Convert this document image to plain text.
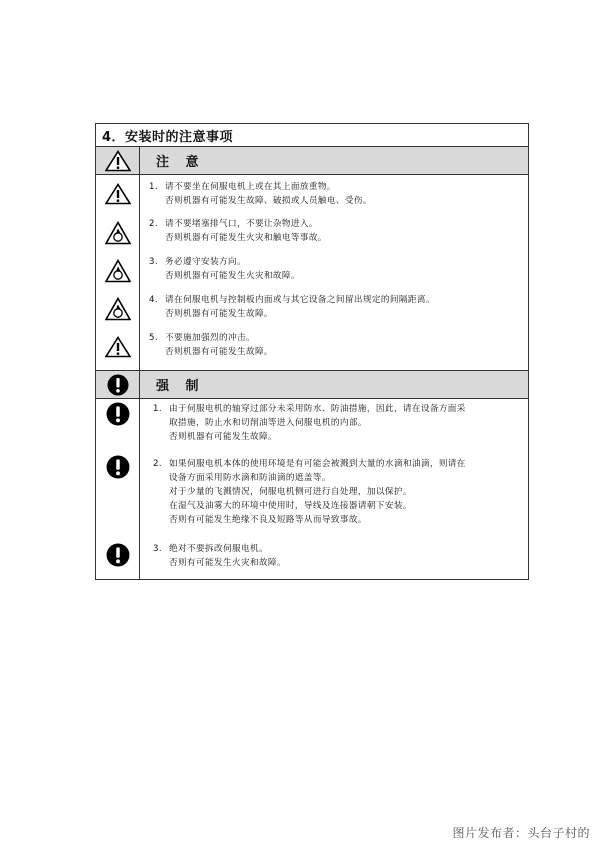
4．安装时的注意事项
注 意
1. 请不要坐在伺服电机上或在其上面放重物。
否则机器有可能发生故障、破损或人员触电、受伤。
2. 请不要堵塞排气口，不要让杂物进入。
否则机器有可能发生火灾和触电等事故。
3. 务必遵守安装方向。
否则机器有可能发生火灾和故障。
4. 请在伺服电机与控制板内面或与其它设备之间留出规定的间隔距离。
否则机器有可能发生故障。
5. 不要施加强烈的冲击。
否则机器有可能发生故障。
强 制
1. 由于伺服电机的轴穿过部分未采用防水、防油措施，因此，请在设备方面采
取措施，防止水和切削油等进入伺服电机的内部。
否则机器有可能发生故障。
2. 如果伺服电机本体的使用环境是有可能会被溅到大量的水滴和油滴，则请在
设备方面采用防水滴和防油滴的遮盖等。
对于少量的飞溅情况，伺服电机侧可进行自处理，加以保护。
在湿气及油雾大的环境中使用时，导线及连接器请朝下安装。
否则有可能发生绝缘不良及短路等从而导致事故。
3. 绝对不要拆改伺服电机。
否则有可能发生火灾和故障。
图片发布者：头台子村的
